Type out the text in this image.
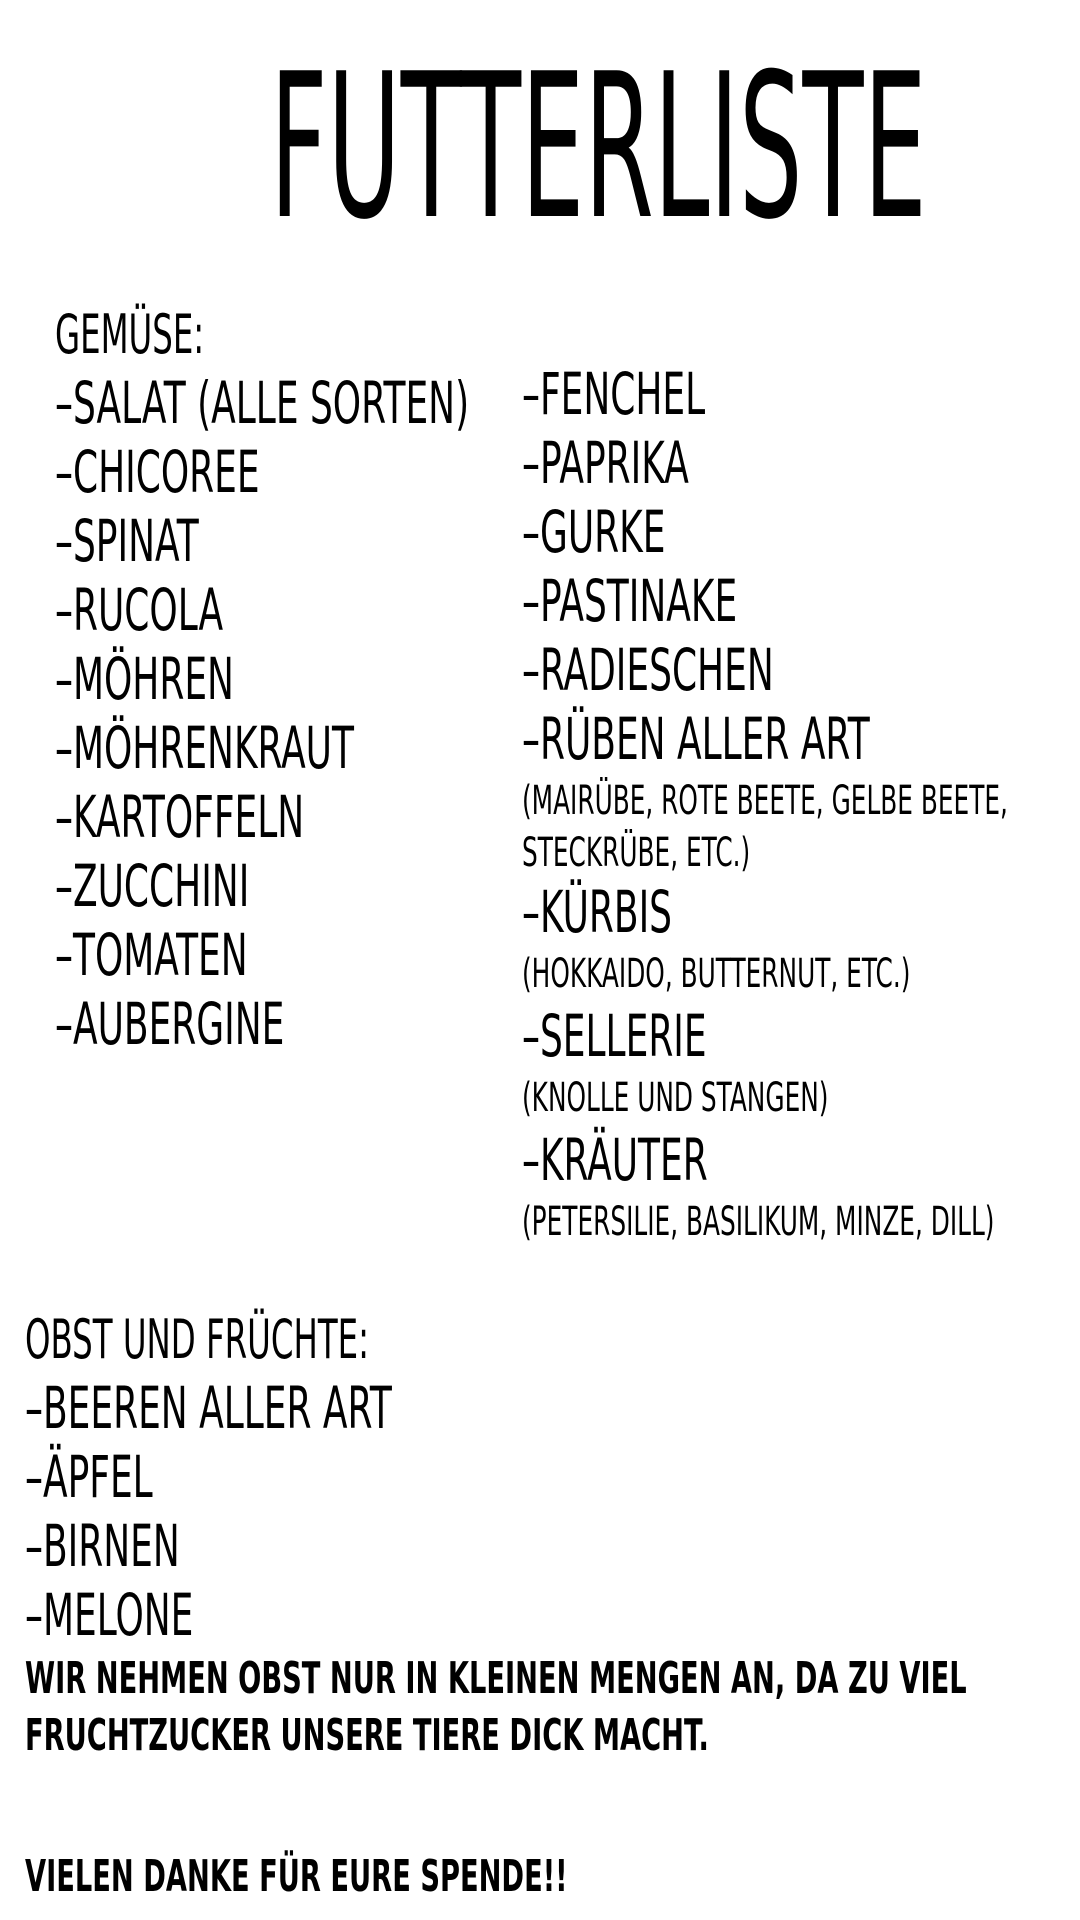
FUTTERLISTE
GEMÜSE:
–SALAT (ALLE SORTEN)
–CHICOREE
–SPINAT
–RUCOLA
–MÖHREN
–MÖHRENKRAUT
–KARTOFFELN
–ZUCCHINI
–TOMATEN
–AUBERGINE
–FENCHEL
–PAPRIKA
–GURKE
–PASTINAKE
–RADIESCHEN
–RÜBEN ALLER ART
(MAIRÜBE, ROTE BEETE, GELBE BEETE,
STECKRÜBE, ETC.)
–KÜRBIS
(HOKKAIDO, BUTTERNUT, ETC.)
–SELLERIE
(KNOLLE UND STANGEN)
–KRÄUTER
(PETERSILIE, BASILIKUM, MINZE, DILL)
OBST UND FRÜCHTE:
–BEEREN ALLER ART
–ÄPFEL
–BIRNEN
–MELONE
WIR NEHMEN OBST NUR IN KLEINEN MENGEN AN, DA ZU VIEL
FRUCHTZUCKER UNSERE TIERE DICK MACHT.
VIELEN DANKE FÜR EURE SPENDE!!
